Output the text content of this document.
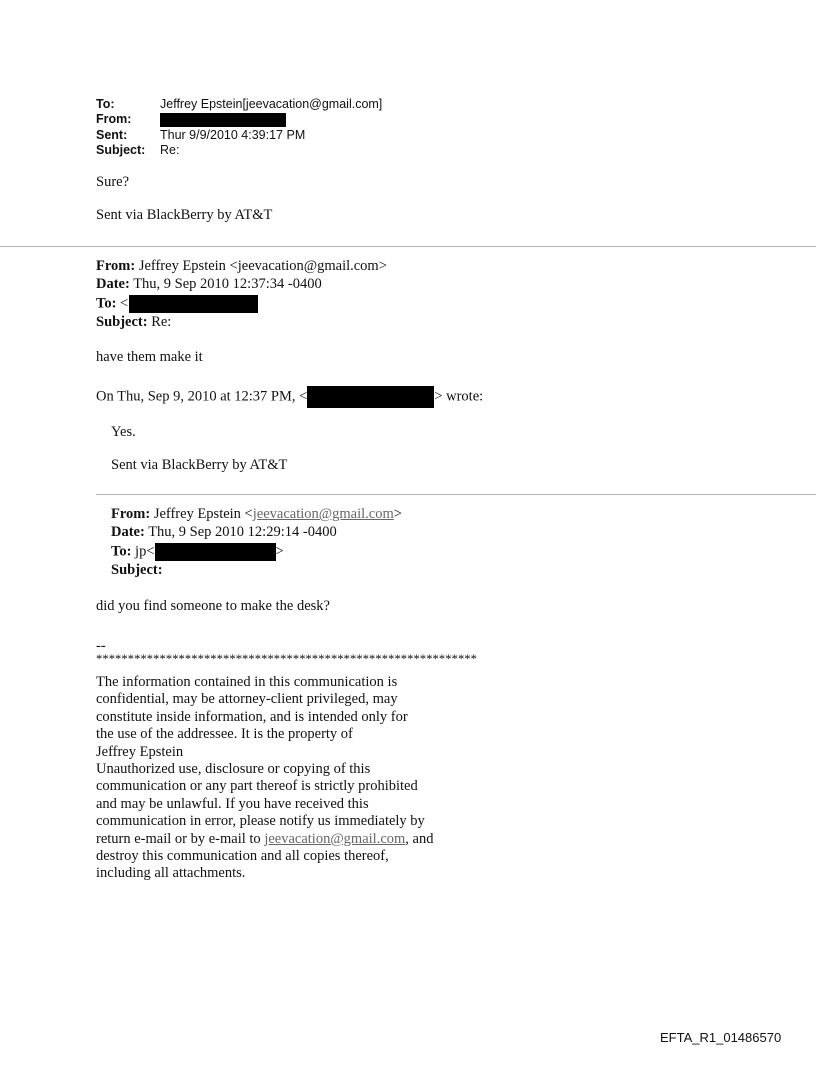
To:	Jeffrey Epstein[jeevacation@gmail.com]
From:
Sent:	Thur 9/9/2010 4:39:17 PM
Subject: Re:
Sure?
Sent via BlackBerry by AT&T
From: Jeffrey Epstein <jeevacation@gmail.com>
Date: Thu, 9 Sep 2010 12:37:34 -0400
To: <
Subject: Re:
have them make it
On Thu, Sep 9, 2010 at 12:37 PM, <	> wrote:
Yes.
Sent via BlackBerry by AT&T
From: Jeffrey Epstein <jeevacation@gmail.com>
Date: Thu, 9 Sep 2010 12:29:14 -0400
To: jp<	>
Subject:
did you find someone to make the desk?
--
************************************************************
The information contained in this communication is
confidential, may be attorney-client privileged, may
constitute inside information, and is intended only for
the use of the addressee. It is the property of
Jeffrey Epstein
Unauthorized use, disclosure or copying of this
communication or any part thereof is strictly prohibited
and may be unlawful. If you have received this
communication in error, please notify us immediately by
return e-mail or by e-mail to jeevacation@gmail.com, and
destroy this communication and all copies thereof,
including all attachments.
EFTA_R1_01486570
